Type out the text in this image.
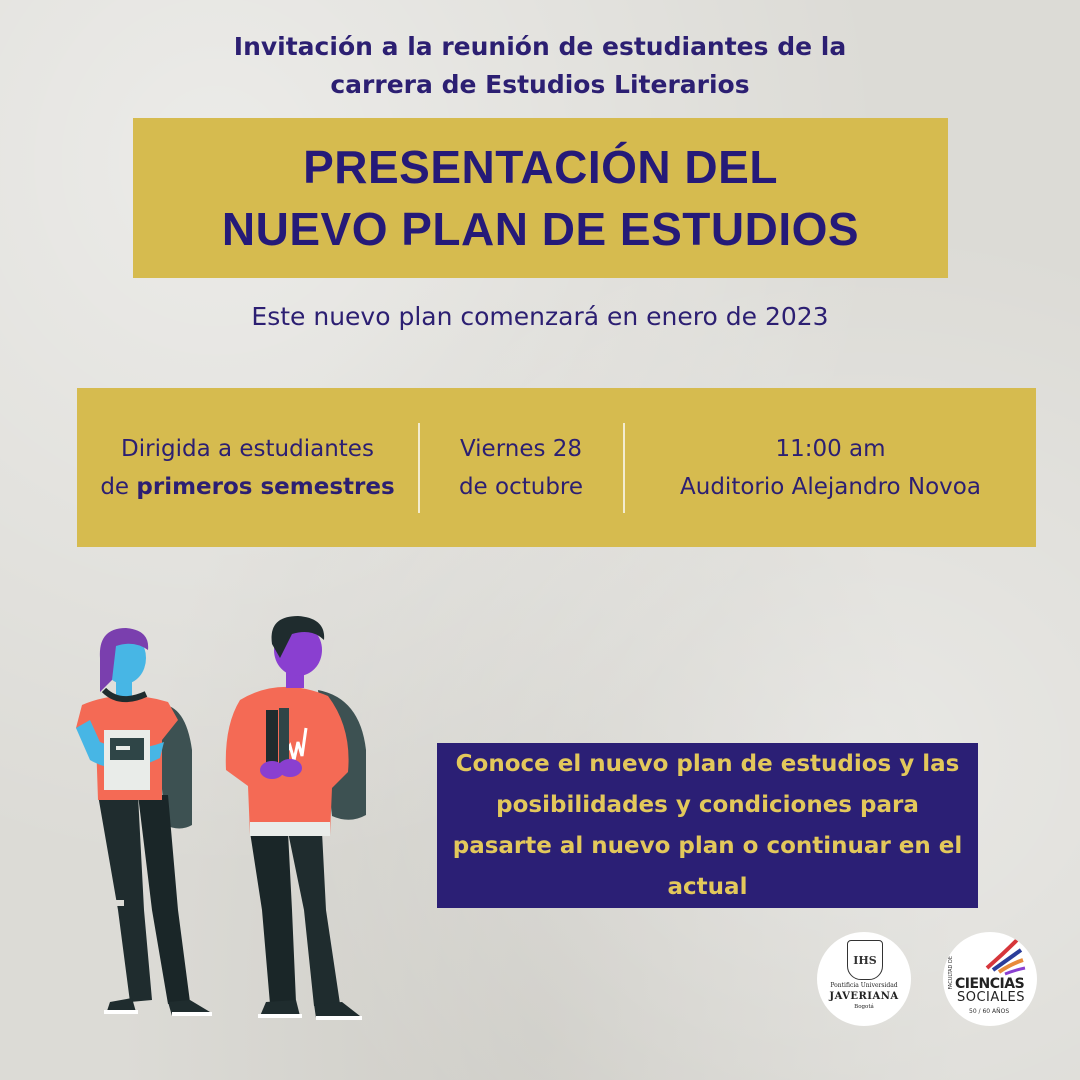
Invitación a la reunión de estudiantes de la
carrera de Estudios Literarios
PRESENTACIÓN DEL
NUEVO PLAN DE ESTUDIOS
Este nuevo plan comenzará en enero de 2023
Dirigida a estudiantes
de primeros semestres
Viernes 28
de octubre
11:00 am
Auditorio Alejandro Novoa
Conoce el nuevo plan de estudios y las posibilidades y condiciones para pasarte al nuevo plan o continuar en el actual
IHS
Pontificia Universidad
JAVERIANA
Bogotá
FACULTAD DE CIENCIAS
SOCIALES
50 / 60 AÑOS
